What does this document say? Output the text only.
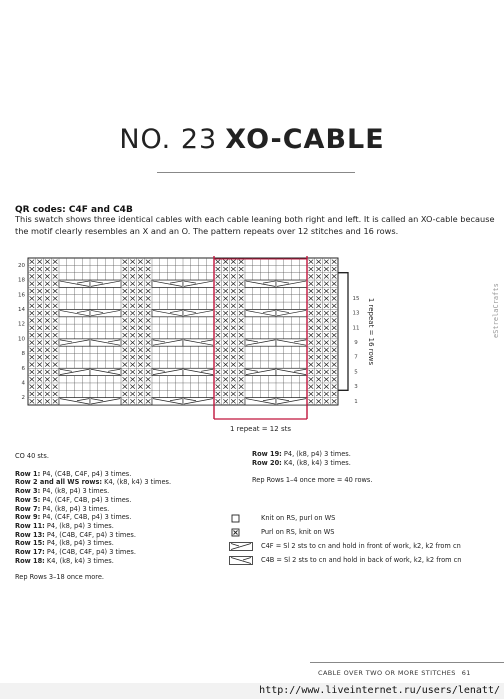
NO. 23 XO-CABLE
QR codes: C4F and C4B
This swatch shows three identical cables with each cable leaning both right and left. It is called an XO-cable because the motif clearly resembles an X and an O. The pattern repeats over 12 stitches and 16 rows.
20
18
16
14
12
10
8
6
4
2
15
13
11
9
7
5
3
1
1 repeat = 16 rows
1 repeat = 12 sts
eStrelaCrafts
CO 40 sts.
Row 1: P4, (C4B, C4F, p4) 3 times.
Row 2 and all WS rows: K4, (k8, k4) 3 times.
Row 3: P4, (k8, p4) 3 times.
Row 5: P4, (C4F, C4B, p4) 3 times.
Row 7: P4, (k8, p4) 3 times.
Row 9: P4, (C4F, C4B, p4) 3 times.
Row 11: P4, (k8, p4) 3 times.
Row 13: P4, (C4B, C4F, p4) 3 times.
Row 15: P4, (k8, p4) 3 times.
Row 17: P4, (C4B, C4F, p4) 3 times.
Row 18: K4, (k8, k4) 3 times.
Rep Rows 3–18 once more.
Row 19: P4, (k8, p4) 3 times.
Row 20: K4, (k8, k4) 3 times.
Rep Rows 1–4 once more = 40 rows.
Knit on RS, purl on WS
Purl on RS, knit on WS
C4F = Sl 2 sts to cn and hold in front of work, k2, k2 from cn
C4B = Sl 2 sts to cn and hold in back of work, k2, k2 from cn
CABLE OVER TWO OR MORE STITCHES 61
http://www.liveinternet.ru/users/lenatt/
